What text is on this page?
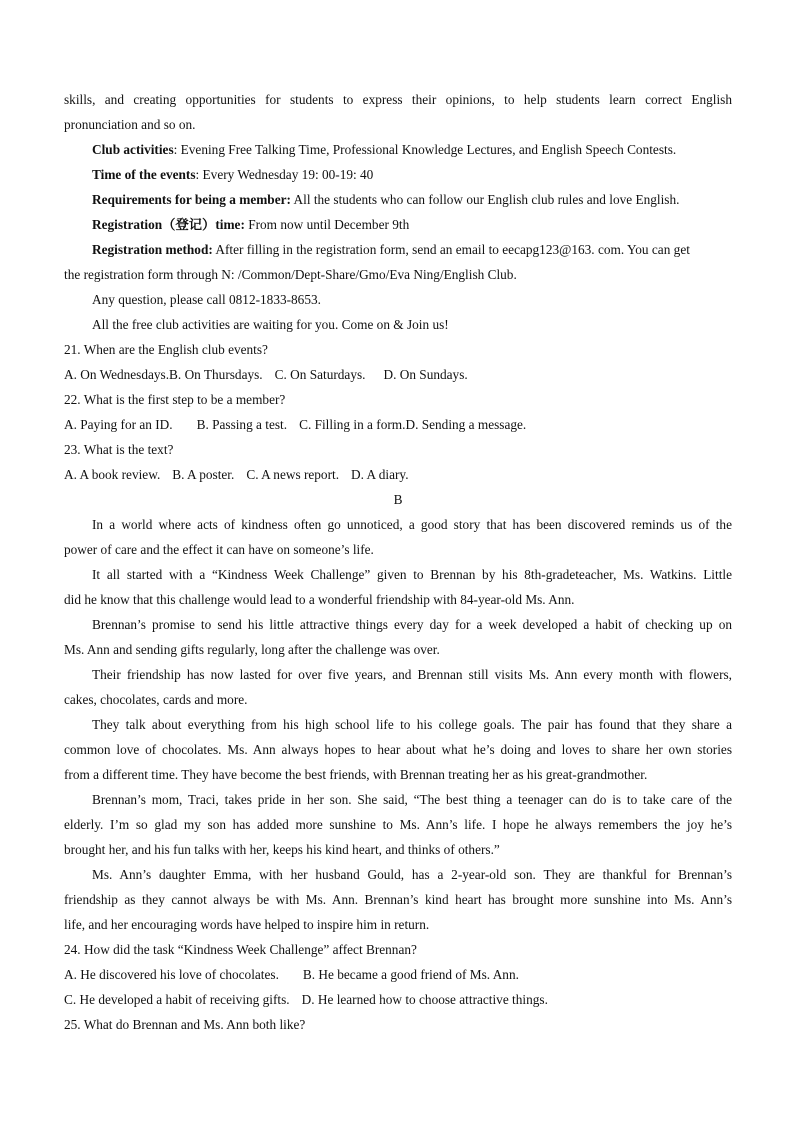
skills, and creating opportunities for students to express their opinions, to help students learn correct English
pronunciation and so on.
Club activities: Evening Free Talking Time, Professional Knowledge Lectures, and English Speech Contests.
Time of the events: Every Wednesday 19: 00-19: 40
Requirements for being a member: All the students who can follow our English club rules and love English.
Registration（登记）time: From now until December 9th
Registration method: After filling in the registration form, send an email to eecapg123@163. com. You can get
the registration form through N: /Common/Dept-Share/Gmo/Eva Ning/English Club.
Any question, please call 0812-1833-8653.
All the free club activities are waiting for you. Come on & Join us!
21. When are the English club events?
A. On Wednesdays.B. On Thursdays. C. On Saturdays. D. On Sundays.
22. What is the first step to be a member?
A. Paying for an ID. B. Passing a test. C. Filling in a form.D. Sending a message.
23. What is the text?
A. A book review. B. A poster. C. A news report. D. A diary.
B
In a world where acts of kindness often go unnoticed, a good story that has been discovered reminds us of the
power of care and the effect it can have on someone’s life.
It all started with a “Kindness Week Challenge” given to Brennan by his 8th-gradeteacher, Ms. Watkins. Little
did he know that this challenge would lead to a wonderful friendship with 84-year-old Ms. Ann.
Brennan’s promise to send his little attractive things every day for a week developed a habit of checking up on
Ms. Ann and sending gifts regularly, long after the challenge was over.
Their friendship has now lasted for over five years, and Brennan still visits Ms. Ann every month with flowers,
cakes, chocolates, cards and more.
They talk about everything from his high school life to his college goals. The pair has found that they share a
common love of chocolates. Ms. Ann always hopes to hear about what he’s doing and loves to share her own stories
from a different time. They have become the best friends, with Brennan treating her as his great-grandmother.
Brennan’s mom, Traci, takes pride in her son. She said, “The best thing a teenager can do is to take care of the
elderly. I’m so glad my son has added more sunshine to Ms. Ann’s life. I hope he always remembers the joy he’s
brought her, and his fun talks with her, keeps his kind heart, and thinks of others.”
Ms. Ann’s daughter Emma, with her husband Gould, has a 2-year-old son. They are thankful for Brennan’s
friendship as they cannot always be with Ms. Ann. Brennan’s kind heart has brought more sunshine into Ms. Ann’s
life, and her encouraging words have helped to inspire him in return.
24. How did the task “Kindness Week Challenge” affect Brennan?
A. He discovered his love of chocolates. B. He became a good friend of Ms. Ann.
C. He developed a habit of receiving gifts. D. He learned how to choose attractive things.
25. What do Brennan and Ms. Ann both like?
